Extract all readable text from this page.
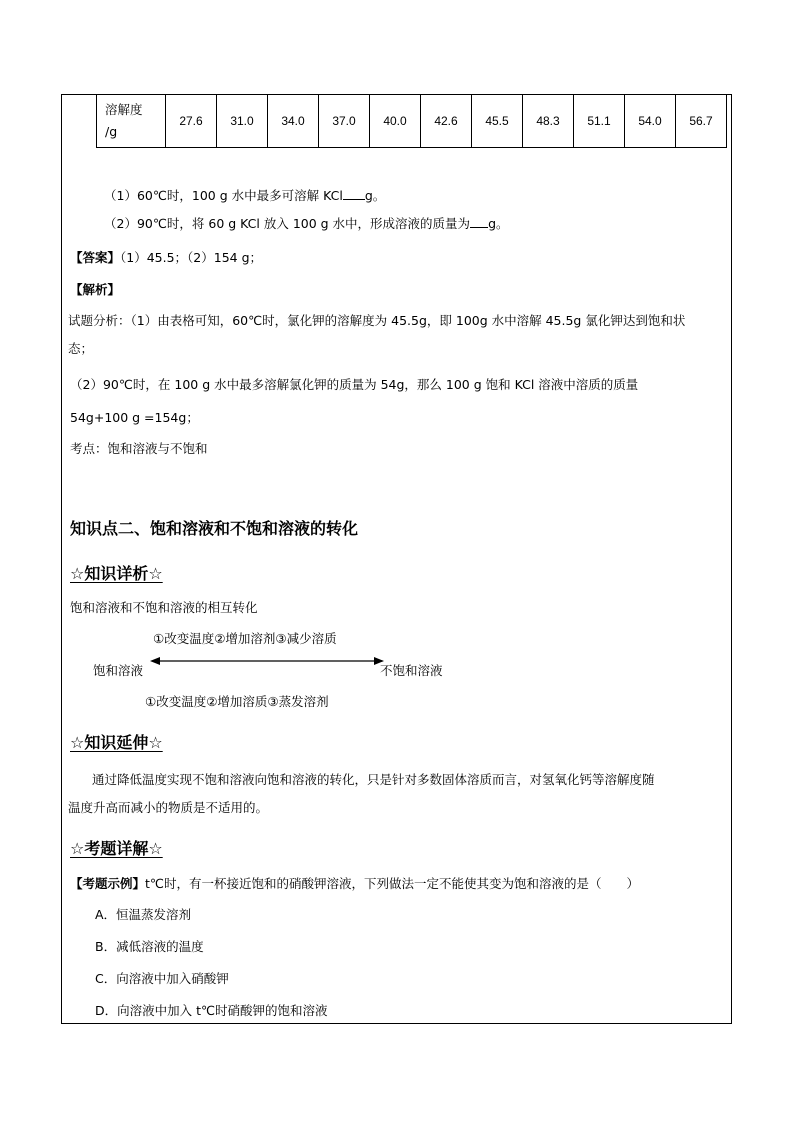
溶解度
/g
	27.6	31.0	34.0	37.0	40.0	42.6	45.5	48.3	51.1	54.0	56.7
（1）60℃时，100 g 水中最多可溶解 KCl g。
（2）90℃时，将 60 g KCl 放入 100 g 水中，形成溶液的质量为 g。
【答案】（1）45.5；（2）154 g；
【解析】
试题分析：（1）由表格可知，60℃时，氯化钾的溶解度为 45.5g，即 100g 水中溶解 45.5g 氯化钾达到饱和状
态；
（2）90℃时，在 100 g 水中最多溶解氯化钾的质量为 54g，那么 100 g 饱和 KCl 溶液中溶质的质量
54g+100 g =154g；
考点：饱和溶液与不饱和
知识点二、饱和溶液和不饱和溶液的转化
☆知识详析☆
饱和溶液和不饱和溶液的相互转化
①改变温度②增加溶剂③减少溶质
饱和溶液	不饱和溶液
①改变温度②增加溶质③蒸发溶剂
☆知识延伸☆
通过降低温度实现不饱和溶液向饱和溶液的转化，只是针对多数固体溶质而言，对氢氧化钙等溶解度随
温度升高而减小的物质是不适用的。
☆考题详解☆
【考题示例】t℃时，有一杯接近饱和的硝酸钾溶液，下列做法一定不能使其变为饱和溶液的是（　　）
A．恒温蒸发溶剂
B．减低溶液的温度
C．向溶液中加入硝酸钾
D．向溶液中加入 t℃时硝酸钾的饱和溶液
